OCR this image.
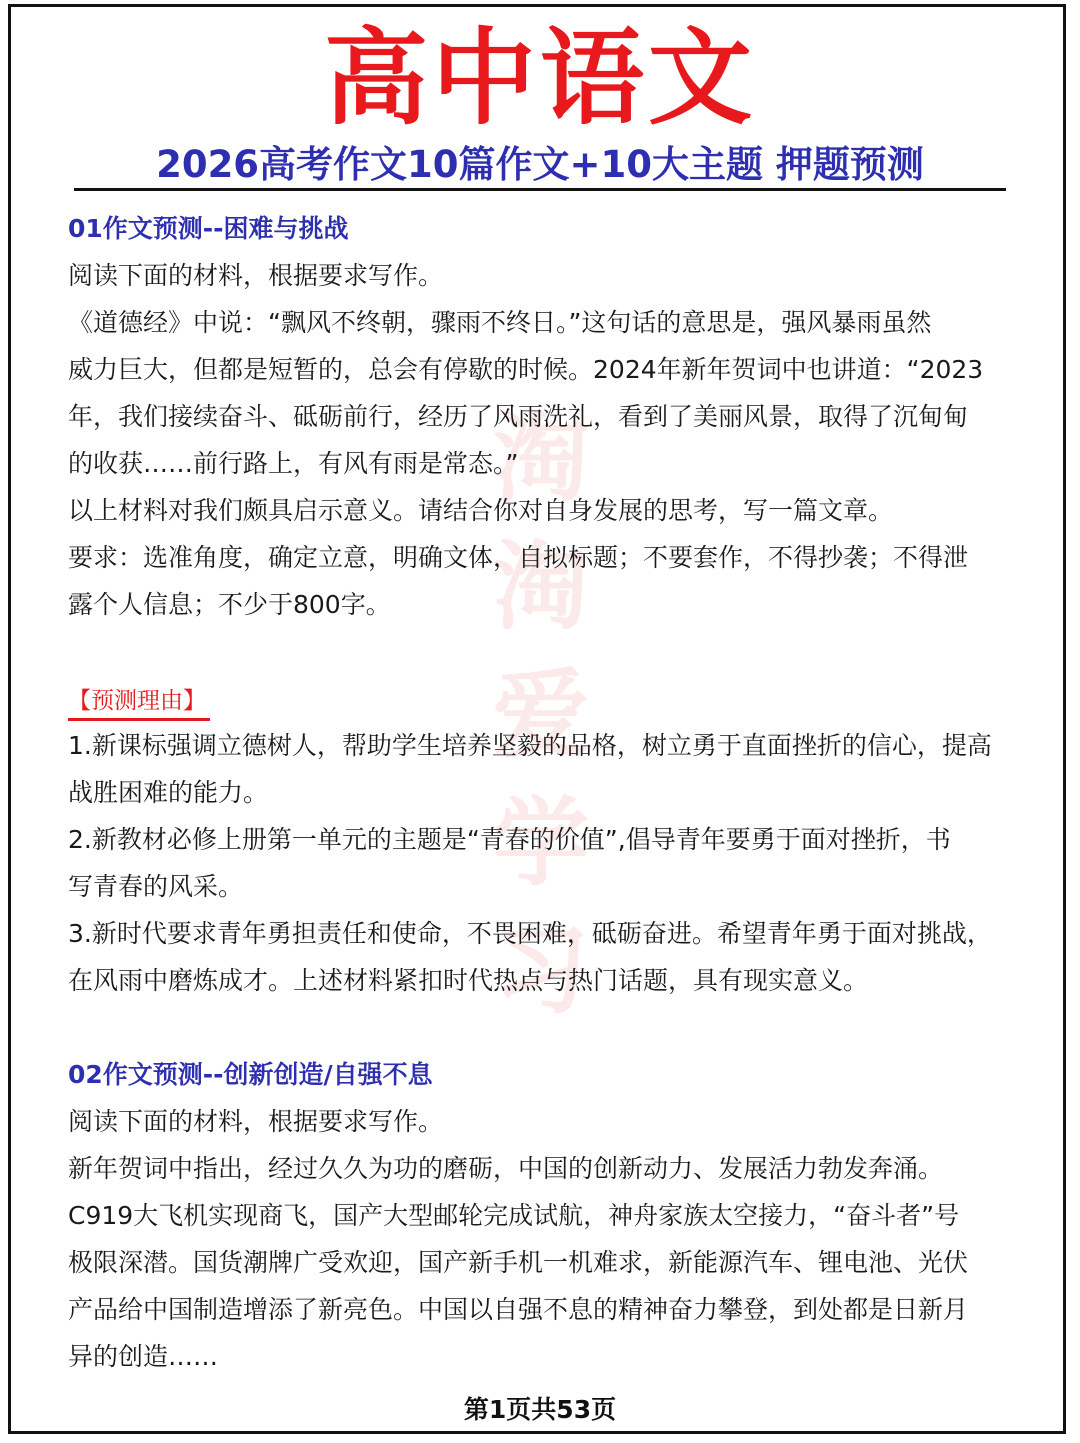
高中语文
2026高考作文10篇作文+10大主题 押题预测
淘
淘
爱
学
习
01作文预测--困难与挑战
阅读下面的材料，根据要求写作。
《道德经》中说：“飘风不终朝，骤雨不终日。”这句话的意思是，强风暴雨虽然
威力巨大，但都是短暂的，总会有停歇的时候。2024年新年贺词中也讲道：“2023
年，我们接续奋斗、砥砺前行，经历了风雨洗礼，看到了美丽风景，取得了沉甸甸
的收获……前行路上，有风有雨是常态。”
以上材料对我们颇具启示意义。请结合你对自身发展的思考，写一篇文章。
要求：选准角度，确定立意，明确文体，自拟标题；不要套作，不得抄袭；不得泄
露个人信息；不少于800字。
【预测理由】
1.新课标强调立德树人，帮助学生培养坚毅的品格，树立勇于直面挫折的信心，提高
战胜困难的能力。
2.新教材必修上册第一单元的主题是“青春的价值”,倡导青年要勇于面对挫折，书
写青春的风采。
3.新时代要求青年勇担责任和使命，不畏困难，砥砺奋进。希望青年勇于面对挑战，
在风雨中磨炼成才。上述材料紧扣时代热点与热门话题，具有现实意义。
02作文预测--创新创造/自强不息
阅读下面的材料，根据要求写作。
新年贺词中指出，经过久久为功的磨砺，中国的创新动力、发展活力勃发奔涌。
C919大飞机实现商飞，国产大型邮轮完成试航，神舟家族太空接力，“奋斗者”号
极限深潜。国货潮牌广受欢迎，国产新手机一机难求，新能源汽车、锂电池、光伏
产品给中国制造增添了新亮色。中国以自强不息的精神奋力攀登，到处都是日新月
异的创造……
第1页共53页
